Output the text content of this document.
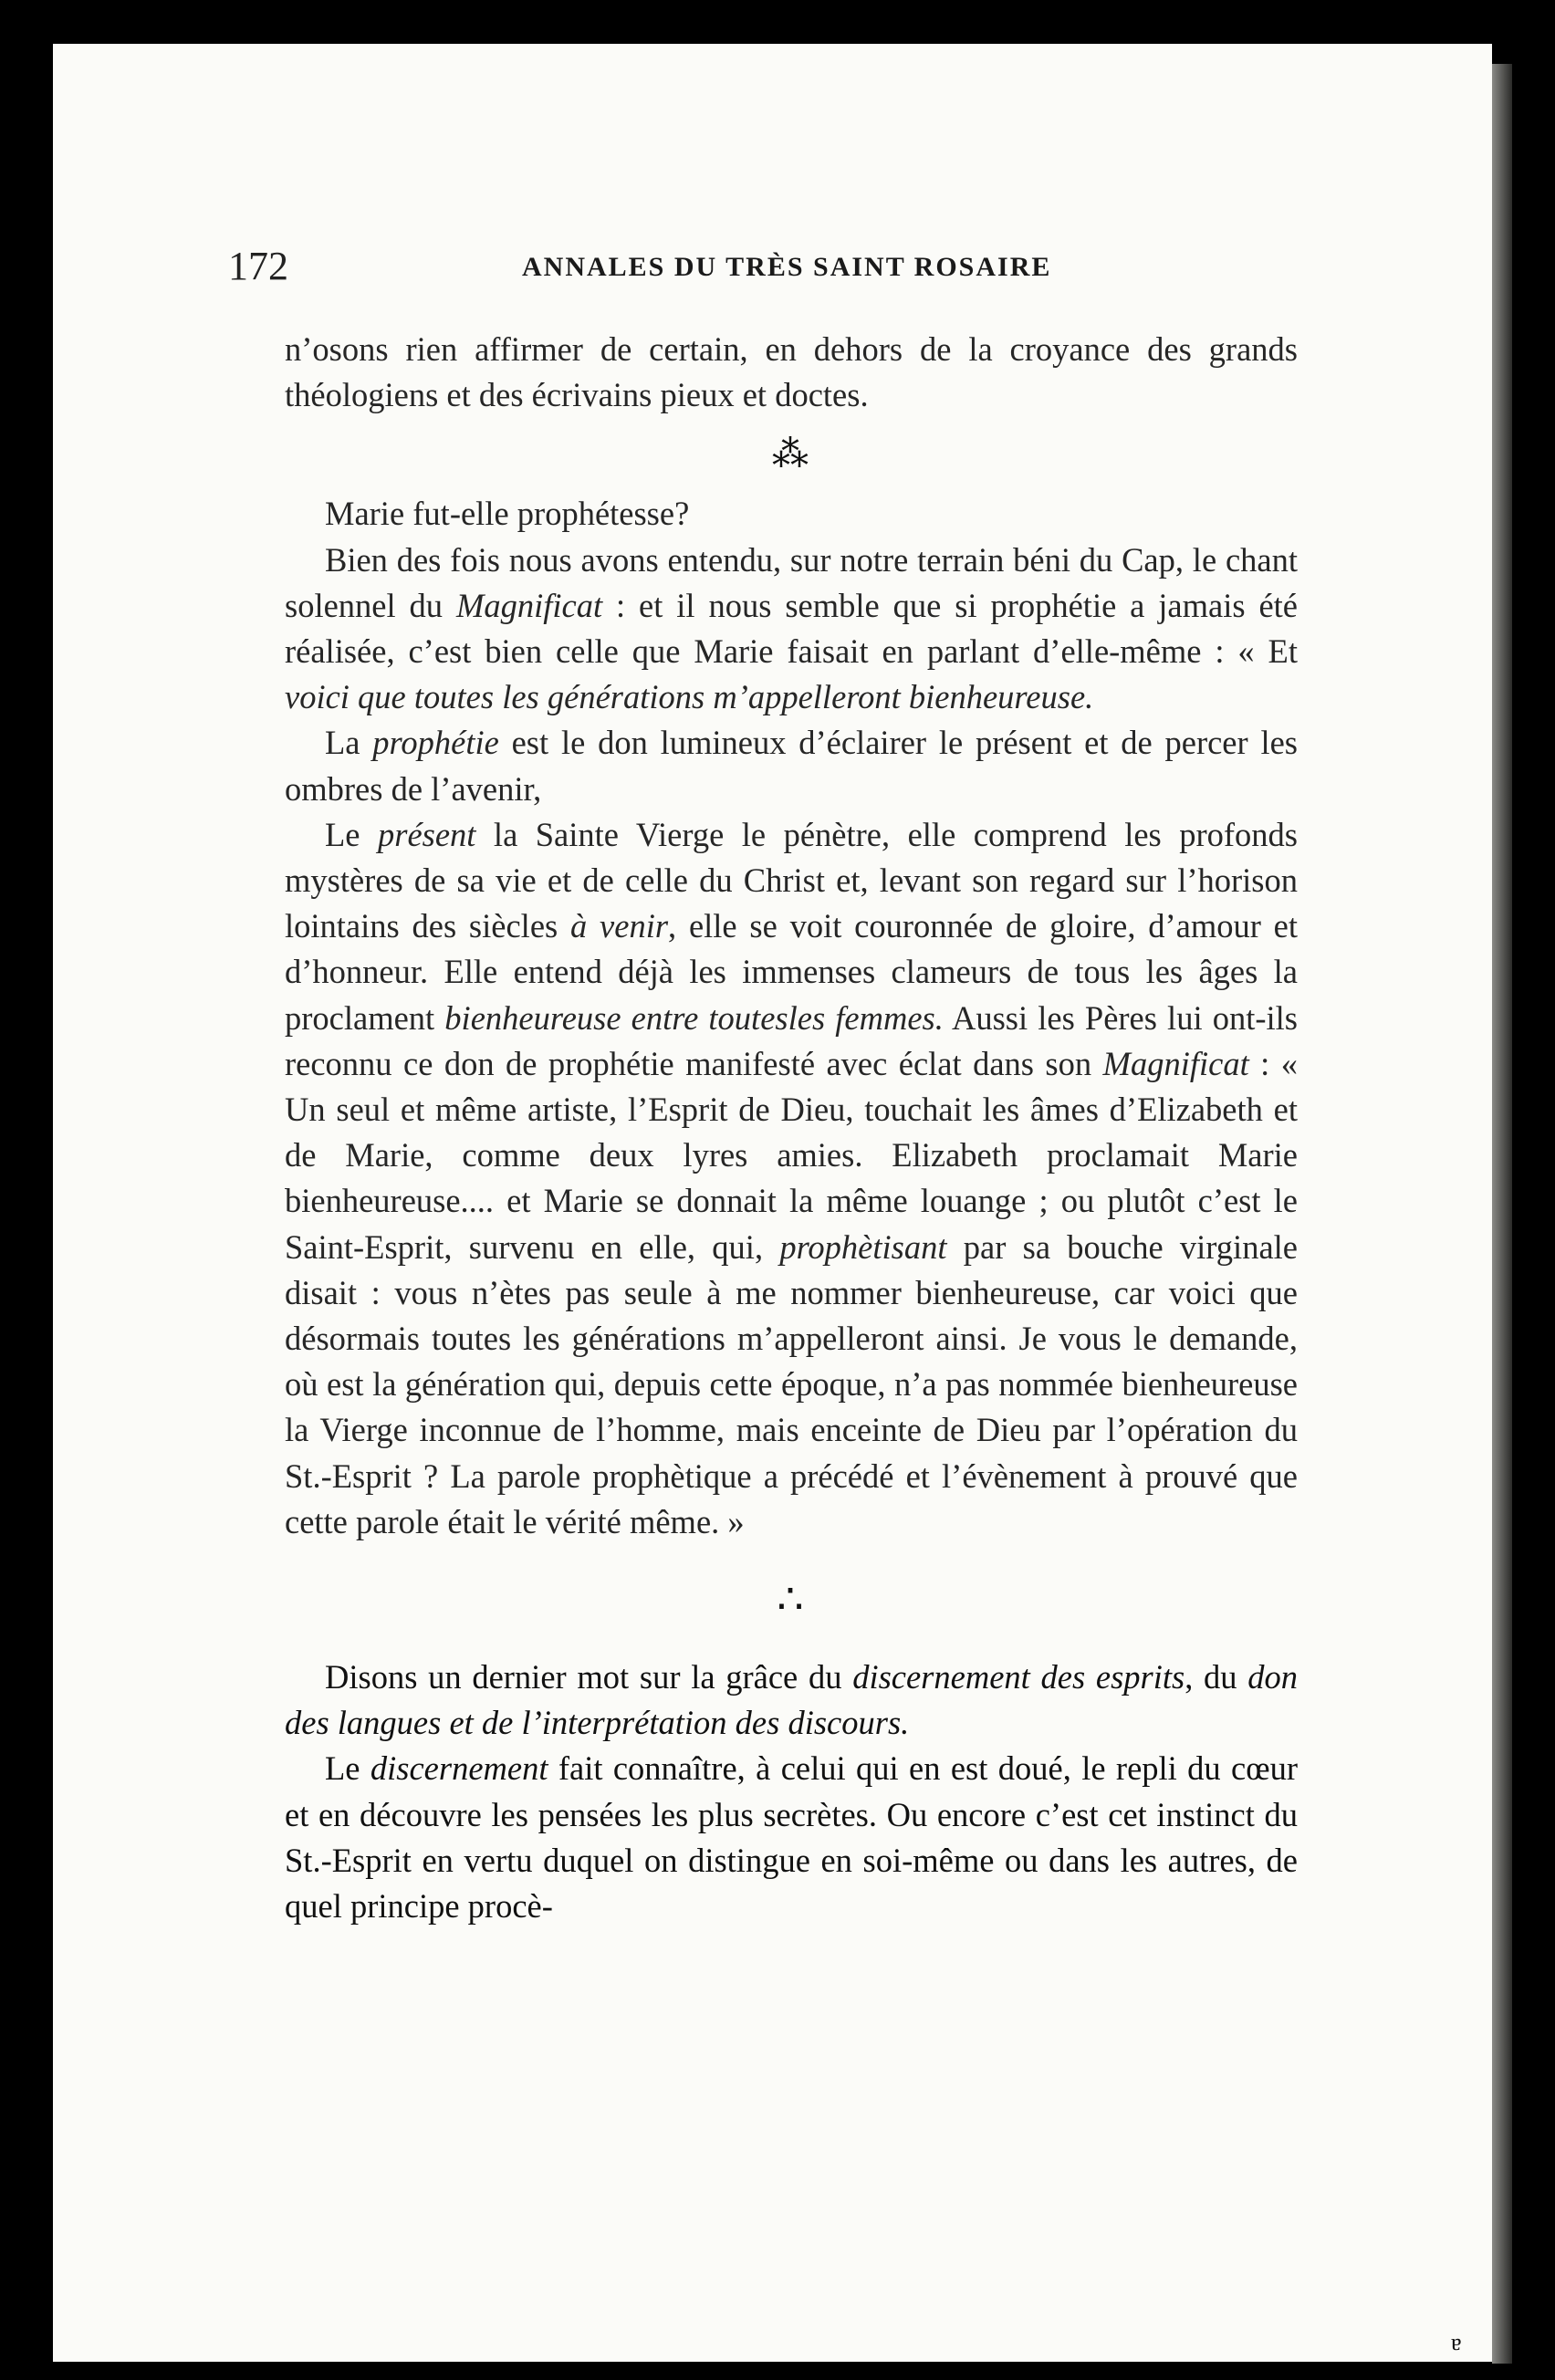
172	ANNALES DU TRÈS SAINT ROSAIRE

n’osons rien affirmer de certain, en dehors de la croyance des grands théologiens et des écrivains pieux et doctes.

⁂

Marie fut-elle prophétesse?

Bien des fois nous avons entendu, sur notre terrain béni du Cap, le chant solennel du Magnificat : et il nous semble que si prophétie a jamais été réalisée, c’est bien celle que Marie faisait en parlant d’elle-même : « Et voici que toutes les générations m’appelleront bienheureuse.

La prophétie est le don lumineux d’éclairer le présent et de percer les ombres de l’avenir,

Le présent la Sainte Vierge le pénètre, elle comprend les profonds mystères de sa vie et de celle du Christ et, levant son regard sur l’horison lointains des siècles à venir, elle se voit couronnée de gloire, d’amour et d’honneur. Elle entend déjà les immenses clameurs de tous les âges la proclament bienheureuse entre toutesles femmes. Aussi les Pères lui ont-ils reconnu ce don de prophétie manifesté avec éclat dans son Magnificat : « Un seul et même artiste, l’Esprit de Dieu, touchait les âmes d’Elizabeth et de Marie, comme deux lyres amies. Elizabeth proclamait Marie bienheureuse.... et Marie se donnait la même louange ; ou plutôt c’est le Saint-Esprit, survenu en elle, qui, prophètisant par sa bouche virginale disait : vous n’ètes pas seule à me nommer bienheureuse, car voici que désormais toutes les générations m’appelleront ainsi. Je vous le demande, où est la génération qui, depuis cette époque, n’a pas nommée bienheureuse la Vierge inconnue de l’homme, mais enceinte de Dieu par l’opération du St.-Esprit ? La parole prophètique a précédé et l’évènement à prouvé que cette parole était le vérité même. »

∴

Disons un dernier mot sur la grâce du discernement des esprits, du don des langues et de l’interprétation des discours.

Le discernement fait connaître, à celui qui en est doué, le repli du cœur et en découvre les pensées les plus secrètes. Ou encore c’est cet instinct du St.-Esprit en vertu duquel on distingue en soi-même ou dans les autres, de quel principe procè-

ɐ
